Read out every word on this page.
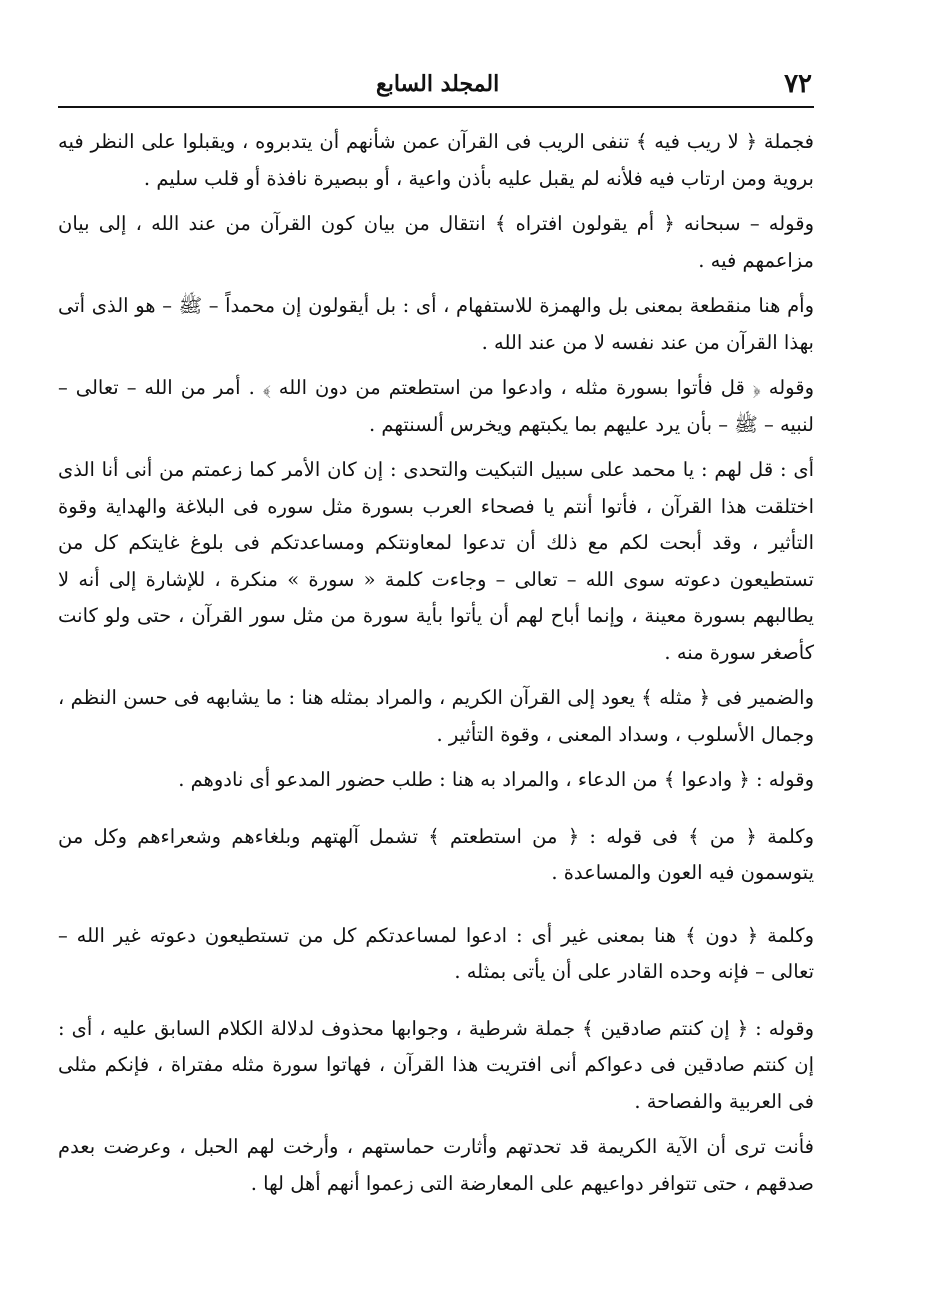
٧٢
المجلد السابع

فجملة ﴿ لا ريب فيه ﴾ تنفى الريب فى القرآن عمن شأنهم أن يتدبروه ، ويقبلوا على النظر فيه بروية ومن ارتاب فيه فلأنه لم يقبل عليه بأذن واعية ، أو ببصيرة نافذة أو قلب سليم .

وقوله – سبحانه ﴿ أم يقولون افتراه ﴾ انتقال من بيان كون القرآن من عند الله ، إلى بيان مزاعمهم فيه .

وأم هنا منقطعة بمعنى بل والهمزة للاستفهام ، أى : بل أيقولون إن محمداً – ﷺ – هو الذى أتى بهذا القرآن من عند نفسه لا من عند الله .

وقوله ﴿ قل فأتوا بسورة مثله ، وادعوا من استطعتم من دون الله ﴾ . أمر من الله – تعالى – لنبيه – ﷺ – بأن يرد عليهم بما يكبتهم ويخرس ألسنتهم .

أى : قل لهم : يا محمد على سبيل التبكيت والتحدى : إن كان الأمر كما زعمتم من أنى أنا الذى اختلقت هذا القرآن ، فأتوا أنتم يا فصحاء العرب بسورة مثل سوره فى البلاغة والهداية وقوة التأثير ، وقد أبحت لكم مع ذلك أن تدعوا لمعاونتكم ومساعدتكم فى بلوغ غايتكم كل من تستطيعون دعوته سوى الله – تعالى – وجاءت كلمة « سورة » منكرة ، للإشارة إلى أنه لا يطالبهم بسورة معينة ، وإنما أباح لهم أن يأتوا بأية سورة من مثل سور القرآن ، حتى ولو كانت كأصغر سورة منه .

والضمير فى ﴿ مثله ﴾ يعود إلى القرآن الكريم ، والمراد بمثله هنا : ما يشابهه فى حسن النظم ، وجمال الأسلوب ، وسداد المعنى ، وقوة التأثير .

وقوله : ﴿ وادعوا ﴾ من الدعاء ، والمراد به هنا : طلب حضور المدعو أى نادوهم .

وكلمة ﴿ من ﴾ فى قوله : ﴿ من استطعتم ﴾ تشمل آلهتهم وبلغاءهم وشعراءهم وكل من يتوسمون فيه العون والمساعدة .

وكلمة ﴿ دون ﴾ هنا بمعنى غير أى : ادعوا لمساعدتكم كل من تستطيعون دعوته غير الله – تعالى – فإنه وحده القادر على أن يأتى بمثله .

وقوله : ﴿ إن كنتم صادقين ﴾ جملة شرطية ، وجوابها محذوف لدلالة الكلام السابق عليه ، أى : إن كنتم صادقين فى دعواكم أنى افتريت هذا القرآن ، فهاتوا سورة مثله مفتراة ، فإنكم مثلى فى العربية والفصاحة .

فأنت ترى أن الآية الكريمة قد تحدتهم وأثارت حماستهم ، وأرخت لهم الحبل ، وعرضت بعدم صدقهم ، حتى تتوافر دواعيهم على المعارضة التى زعموا أنهم أهل لها .
